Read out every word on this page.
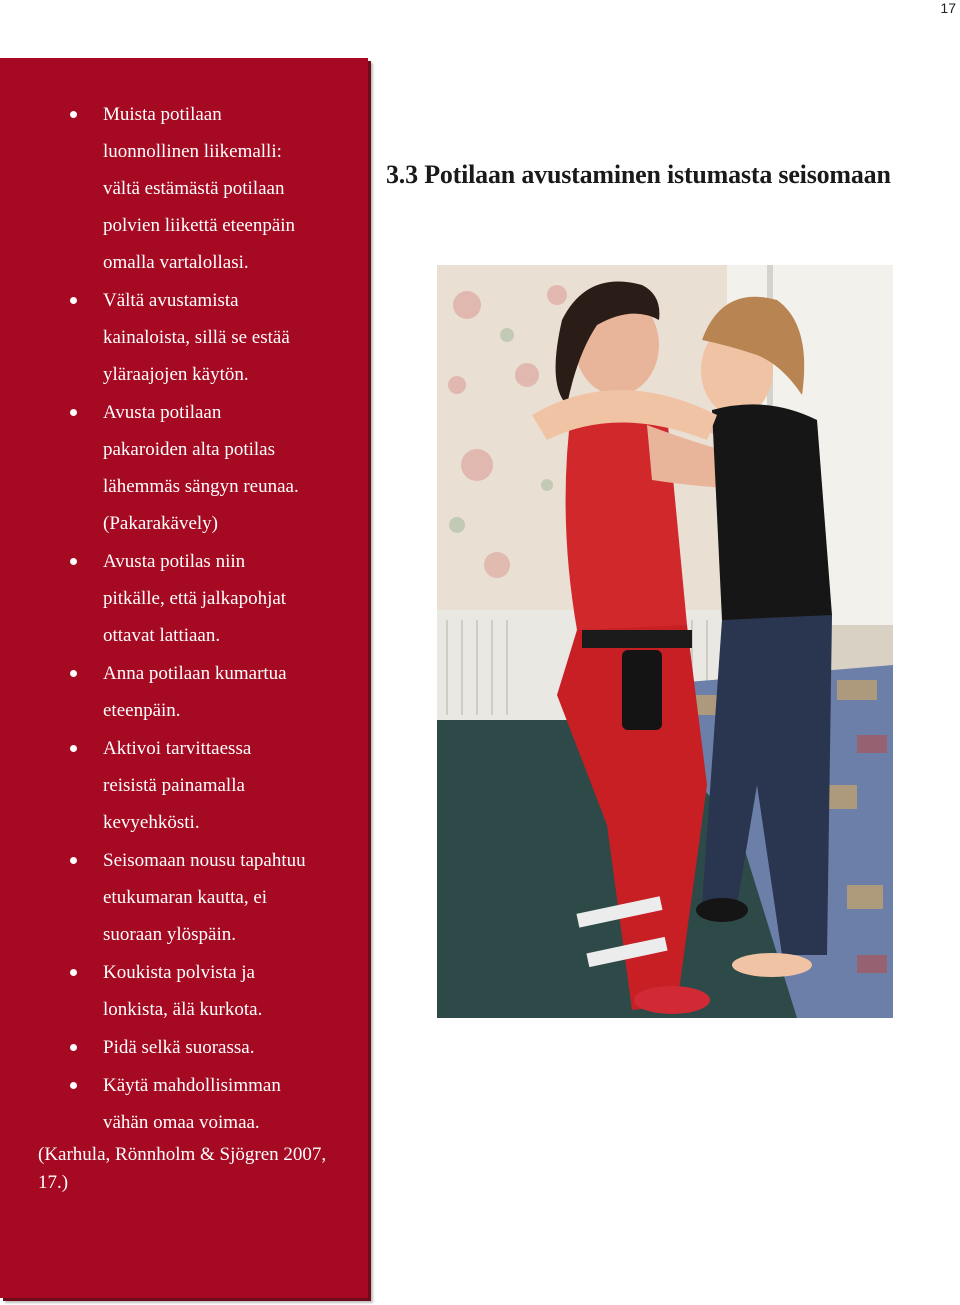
17
Muista potilaan luonnollinen liikemalli: vältä estämästä potilaan polvien liikettä eteenpäin omalla vartalollasi.
Vältä avustamista kainaloista, sillä se estää yläraajojen käytön.
Avusta potilaan pakaroiden alta potilas lähemmäs sängyn reunaa.
(Pakarakävely)
Avusta potilas niin pitkälle, että jalkapohjat ottavat lattiaan.
Anna potilaan kumartua eteenpäin.
Aktivoi tarvittaessa reisistä painamalla kevyehkösti.
Seisomaan nousu tapahtuu etukumaran kautta, ei suoraan ylöspäin.
Koukista polvista ja lonkista, älä kurkota.
Pidä selkä suorassa.
Käytä mahdollisimman vähän omaa voimaa.
(Karhula, Rönnholm & Sjögren 2007, 17.)
3.3 Potilaan avustaminen istumasta seisomaan
